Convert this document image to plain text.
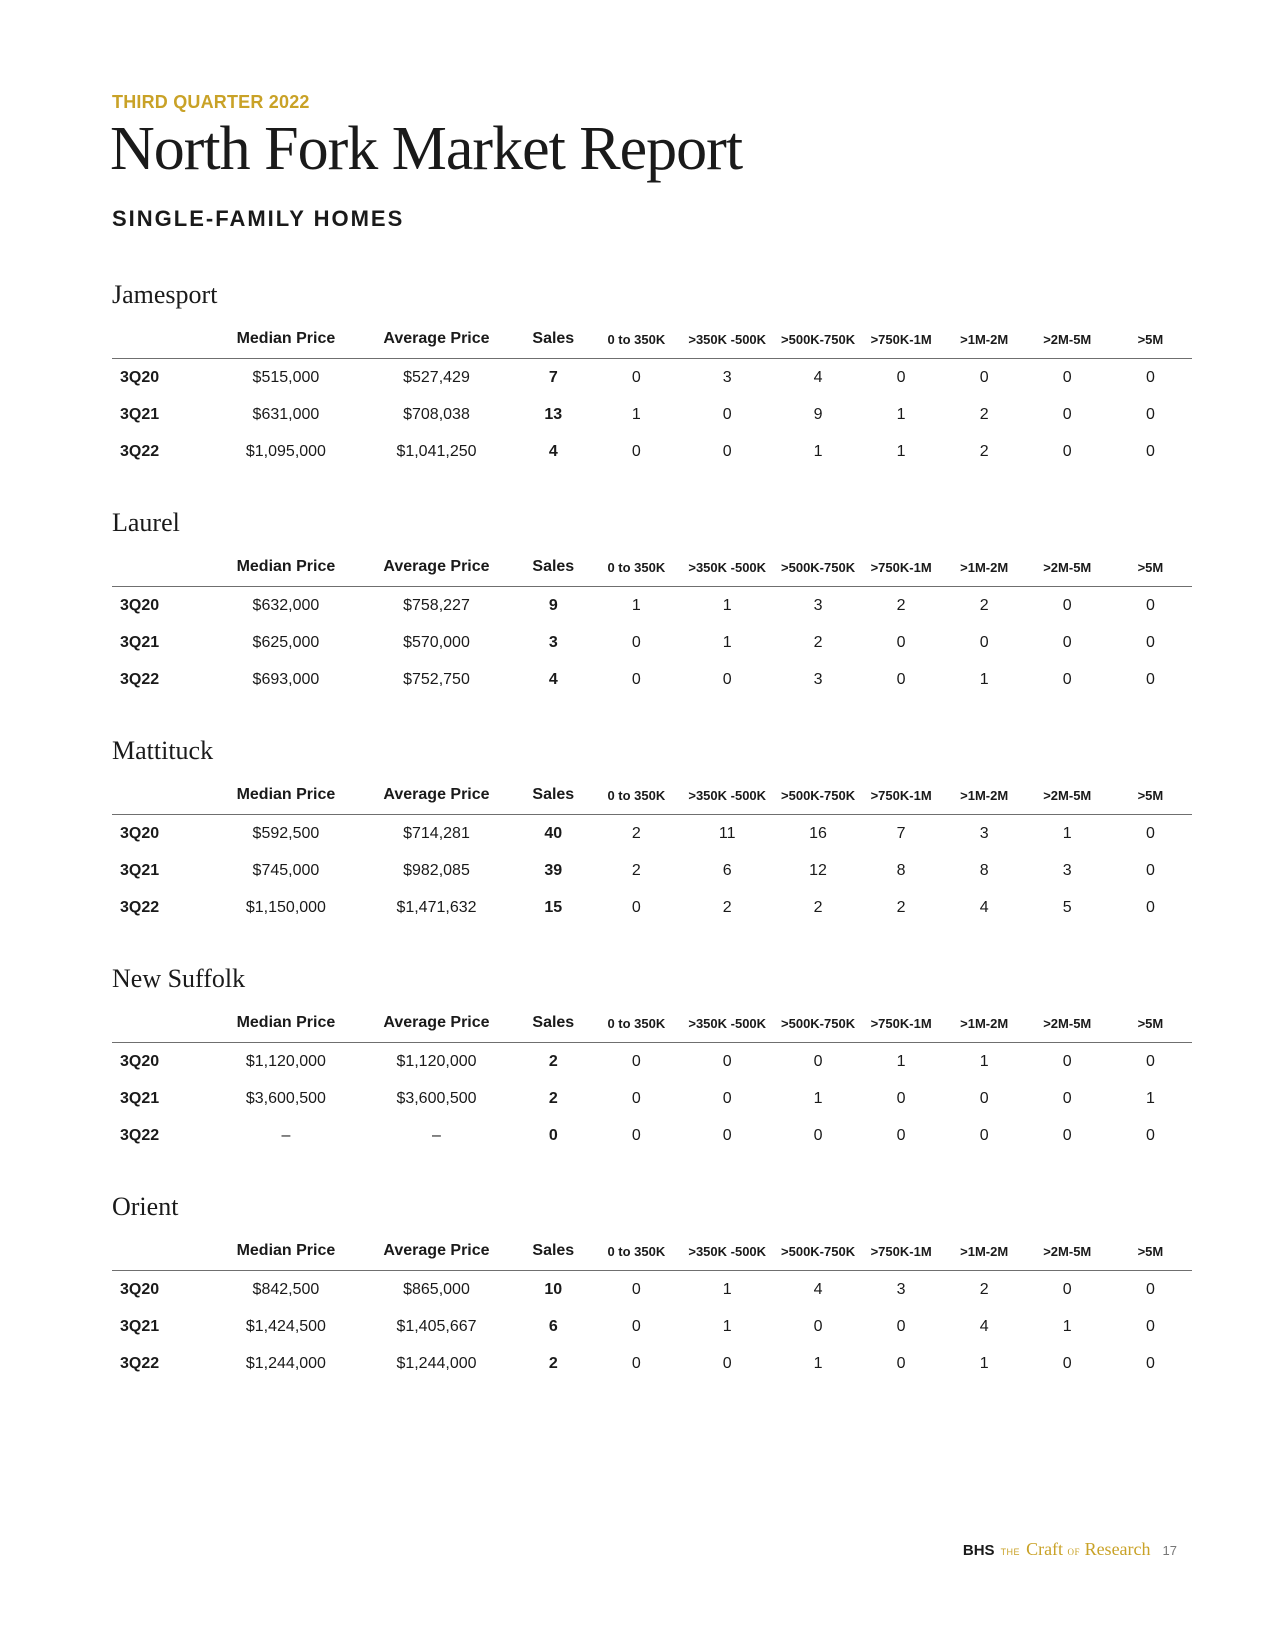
THIRD QUARTER 2022
North Fork Market Report
SINGLE-FAMILY HOMES
Jamesport
	Median Price	Average Price	Sales	0 to 350K	>350K -500K	>500K-750K	>750K-1M	>1M-2M	>2M-5M	>5M
3Q20	$515,000	$527,429	7	0	3	4	0	0	0	0
3Q21	$631,000	$708,038	13	1	0	9	1	2	0	0
3Q22	$1,095,000	$1,041,250	4	0	0	1	1	2	0	0
Laurel
	Median Price	Average Price	Sales	0 to 350K	>350K -500K	>500K-750K	>750K-1M	>1M-2M	>2M-5M	>5M
3Q20	$632,000	$758,227	9	1	1	3	2	2	0	0
3Q21	$625,000	$570,000	3	0	1	2	0	0	0	0
3Q22	$693,000	$752,750	4	0	0	3	0	1	0	0
Mattituck
	Median Price	Average Price	Sales	0 to 350K	>350K -500K	>500K-750K	>750K-1M	>1M-2M	>2M-5M	>5M
3Q20	$592,500	$714,281	40	2	11	16	7	3	1	0
3Q21	$745,000	$982,085	39	2	6	12	8	8	3	0
3Q22	$1,150,000	$1,471,632	15	0	2	2	2	4	5	0
New Suffolk
	Median Price	Average Price	Sales	0 to 350K	>350K -500K	>500K-750K	>750K-1M	>1M-2M	>2M-5M	>5M
3Q20	$1,120,000	$1,120,000	2	0	0	0	1	1	0	0
3Q21	$3,600,500	$3,600,500	2	0	0	1	0	0	0	1
3Q22	–	–	0	0	0	0	0	0	0	0
Orient
	Median Price	Average Price	Sales	0 to 350K	>350K -500K	>500K-750K	>750K-1M	>1M-2M	>2M-5M	>5M
3Q20	$842,500	$865,000	10	0	1	4	3	2	0	0
3Q21	$1,424,500	$1,405,667	6	0	1	0	0	4	1	0
3Q22	$1,244,000	$1,244,000	2	0	0	1	0	1	0	0
BHS THE Craft OF Research 17
